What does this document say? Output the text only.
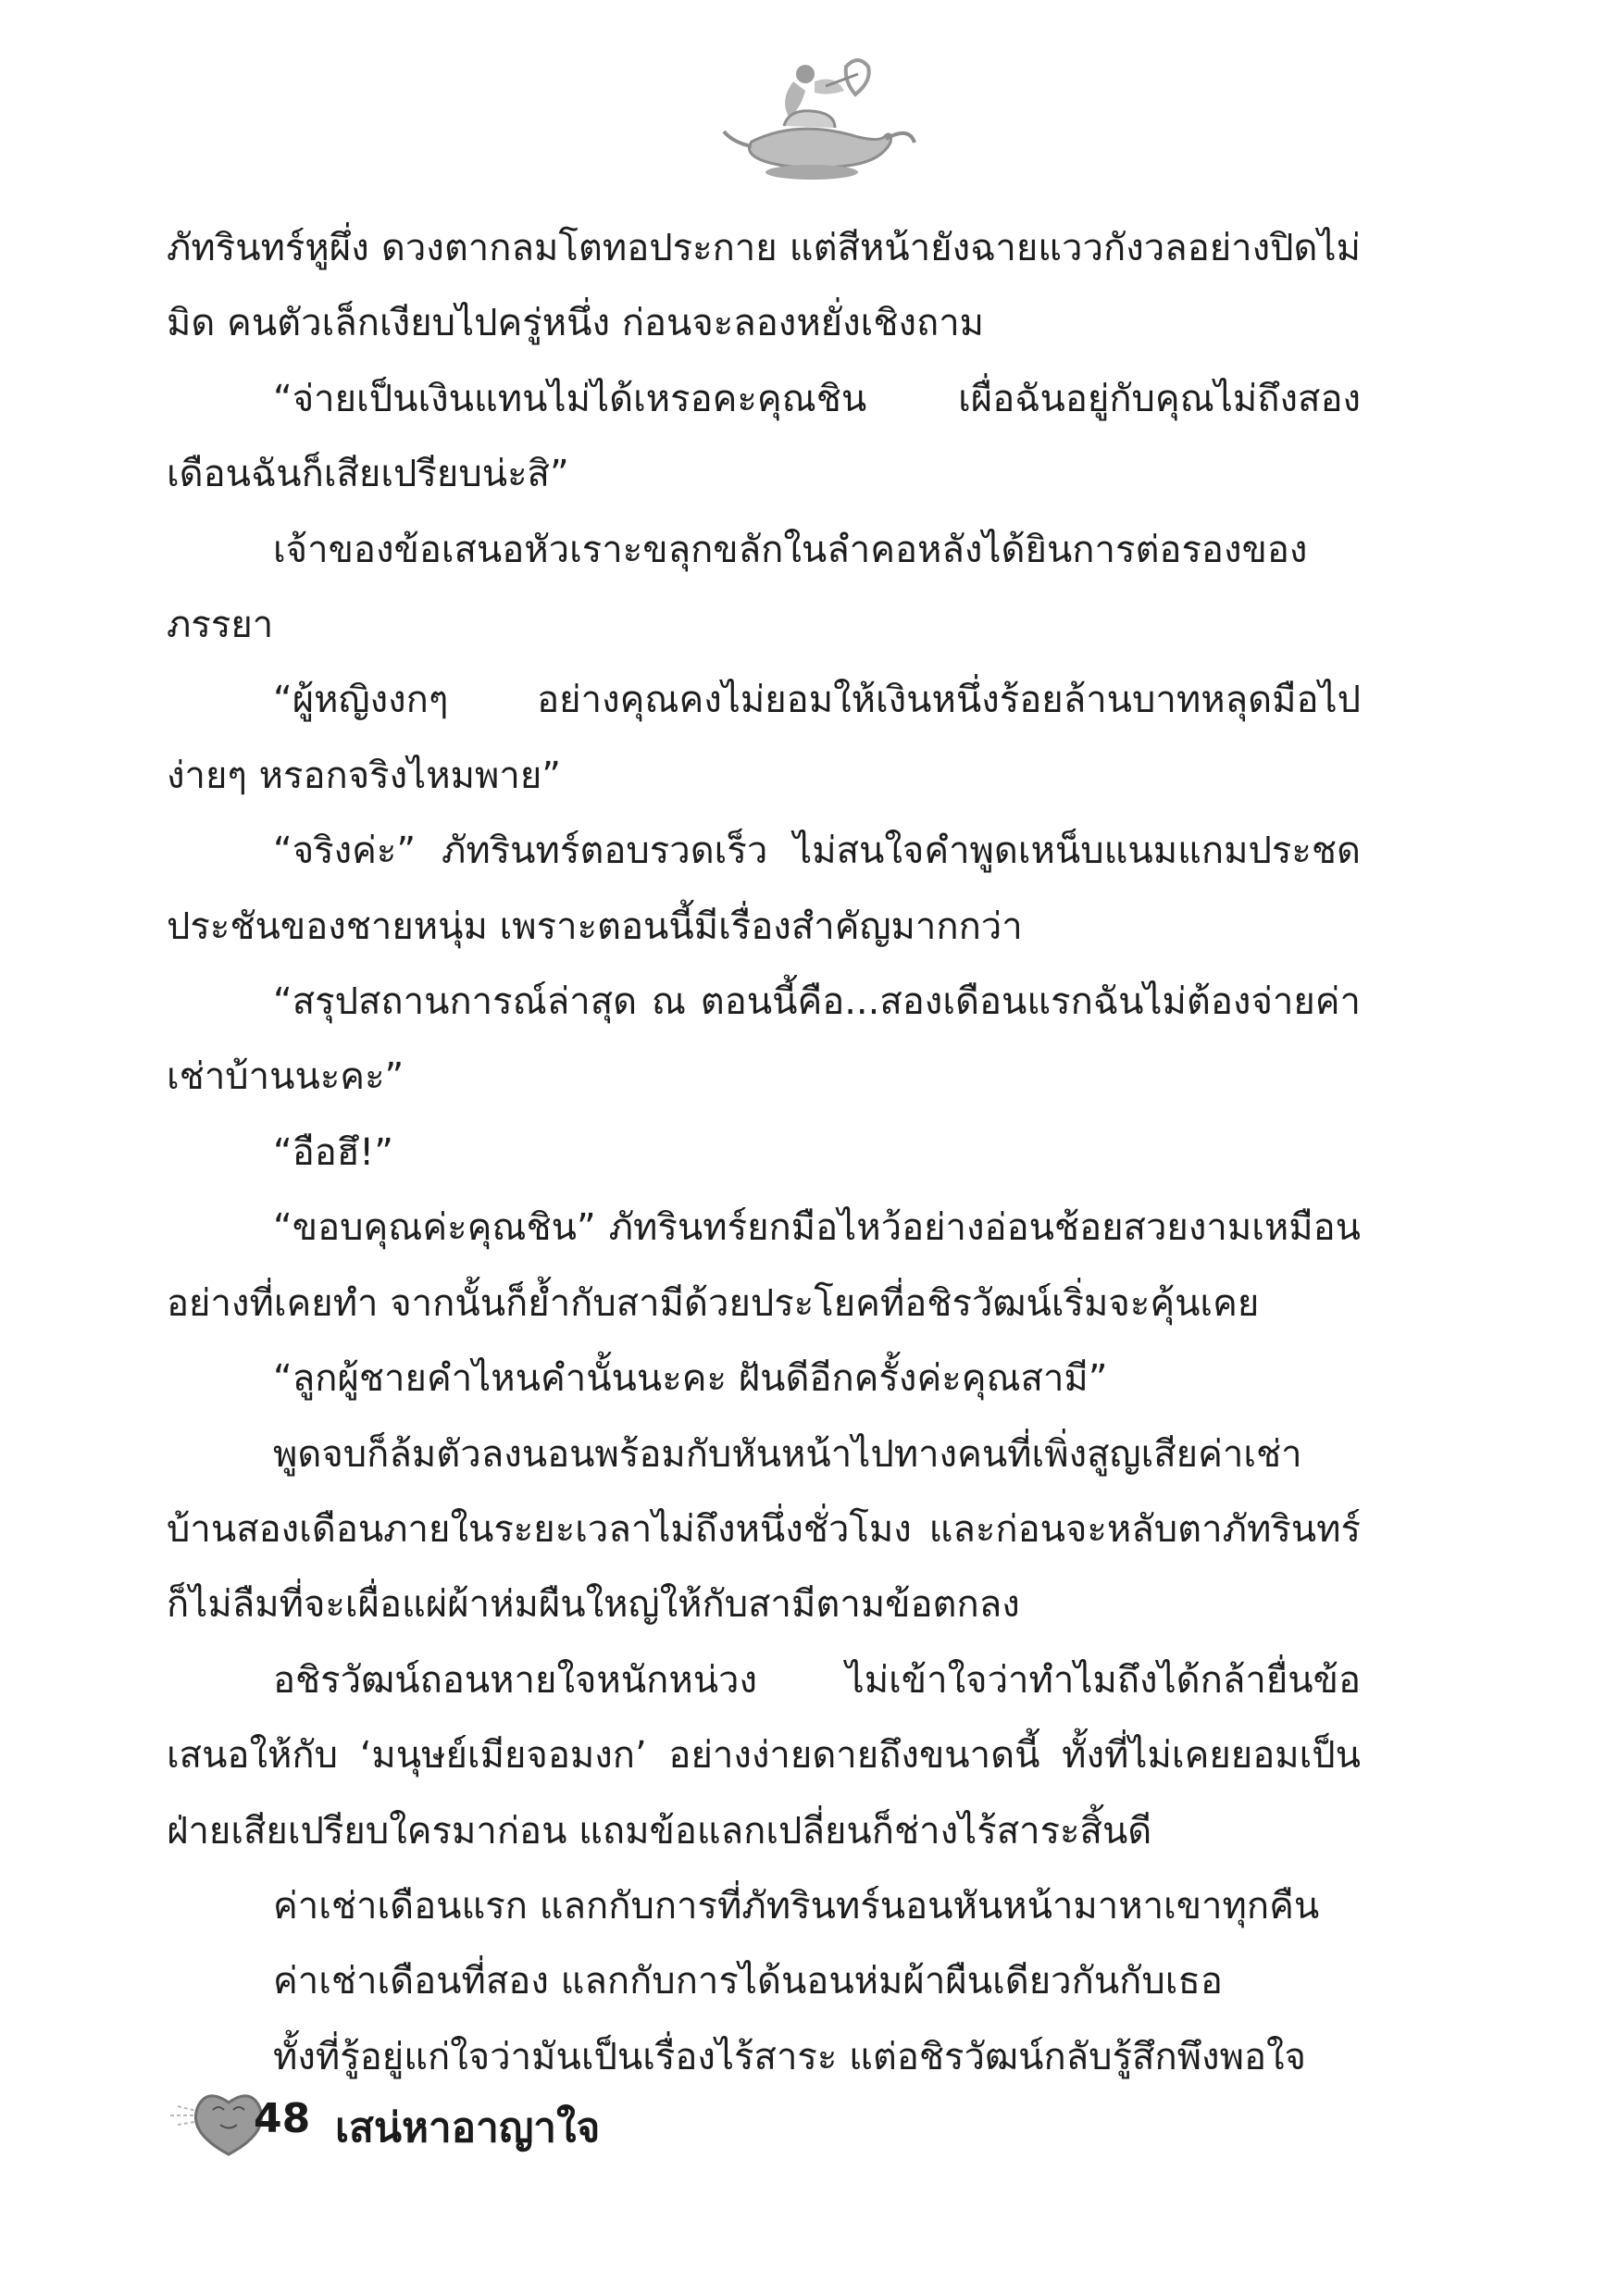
ภัทรินทร์หูผึ่ง ดวงตากลมโตทอประกาย แต่สีหน้ายังฉายแววกังวลอย่างปิดไม่มิด คนตัวเล็กเงียบไปครู่หนึ่ง ก่อนจะลองหยั่งเชิงถาม

“จ่ายเป็นเงินแทนไม่ได้เหรอคะคุณชิน เผื่อฉันอยู่กับคุณไม่ถึงสองเดือนฉันก็เสียเปรียบน่ะสิ”

เจ้าของข้อเสนอหัวเราะขลุกขลักในลำคอหลังได้ยินการต่อรองของภรรยา

“ผู้หญิงงกๆ อย่างคุณคงไม่ยอมให้เงินหนึ่งร้อยล้านบาทหลุดมือไปง่ายๆ หรอกจริงไหมพาย”

“จริงค่ะ” ภัทรินทร์ตอบรวดเร็ว ไม่สนใจคำพูดเหน็บแนมแกมประชดประชันของชายหนุ่ม เพราะตอนนี้มีเรื่องสำคัญมากกว่า

“สรุปสถานการณ์ล่าสุด ณ ตอนนี้คือ...สองเดือนแรกฉันไม่ต้องจ่ายค่าเช่าบ้านนะคะ”

“อือฮึ!”

“ขอบคุณค่ะคุณชิน” ภัทรินทร์ยกมือไหว้อย่างอ่อนช้อยสวยงามเหมือนอย่างที่เคยทำ จากนั้นก็ย้ำกับสามีด้วยประโยคที่อชิรวัฒน์เริ่มจะคุ้นเคย

“ลูกผู้ชายคำไหนคำนั้นนะคะ ฝันดีอีกครั้งค่ะคุณสามี”

พูดจบก็ล้มตัวลงนอนพร้อมกับหันหน้าไปทางคนที่เพิ่งสูญเสียค่าเช่าบ้านสองเดือนภายในระยะเวลาไม่ถึงหนึ่งชั่วโมง และก่อนจะหลับตาภัทรินทร์ก็ไม่ลืมที่จะเผื่อแผ่ผ้าห่มผืนใหญ่ให้กับสามีตามข้อตกลง

อชิรวัฒน์ถอนหายใจหนักหน่วง ไม่เข้าใจว่าทำไมถึงได้กล้ายื่นข้อเสนอให้กับ ‘มนุษย์เมียจอมงก’ อย่างง่ายดายถึงขนาดนี้ ทั้งที่ไม่เคยยอมเป็นฝ่ายเสียเปรียบใครมาก่อน แถมข้อแลกเปลี่ยนก็ช่างไร้สาระสิ้นดี

ค่าเช่าเดือนแรก แลกกับการที่ภัทรินทร์นอนหันหน้ามาหาเขาทุกคืน

ค่าเช่าเดือนที่สอง แลกกับการได้นอนห่มผ้าผืนเดียวกันกับเธอ

ทั้งที่รู้อยู่แก่ใจว่ามันเป็นเรื่องไร้สาระ แต่อชิรวัฒน์กลับรู้สึกพึงพอใจ

48 เสน่หาอาญาใจ
